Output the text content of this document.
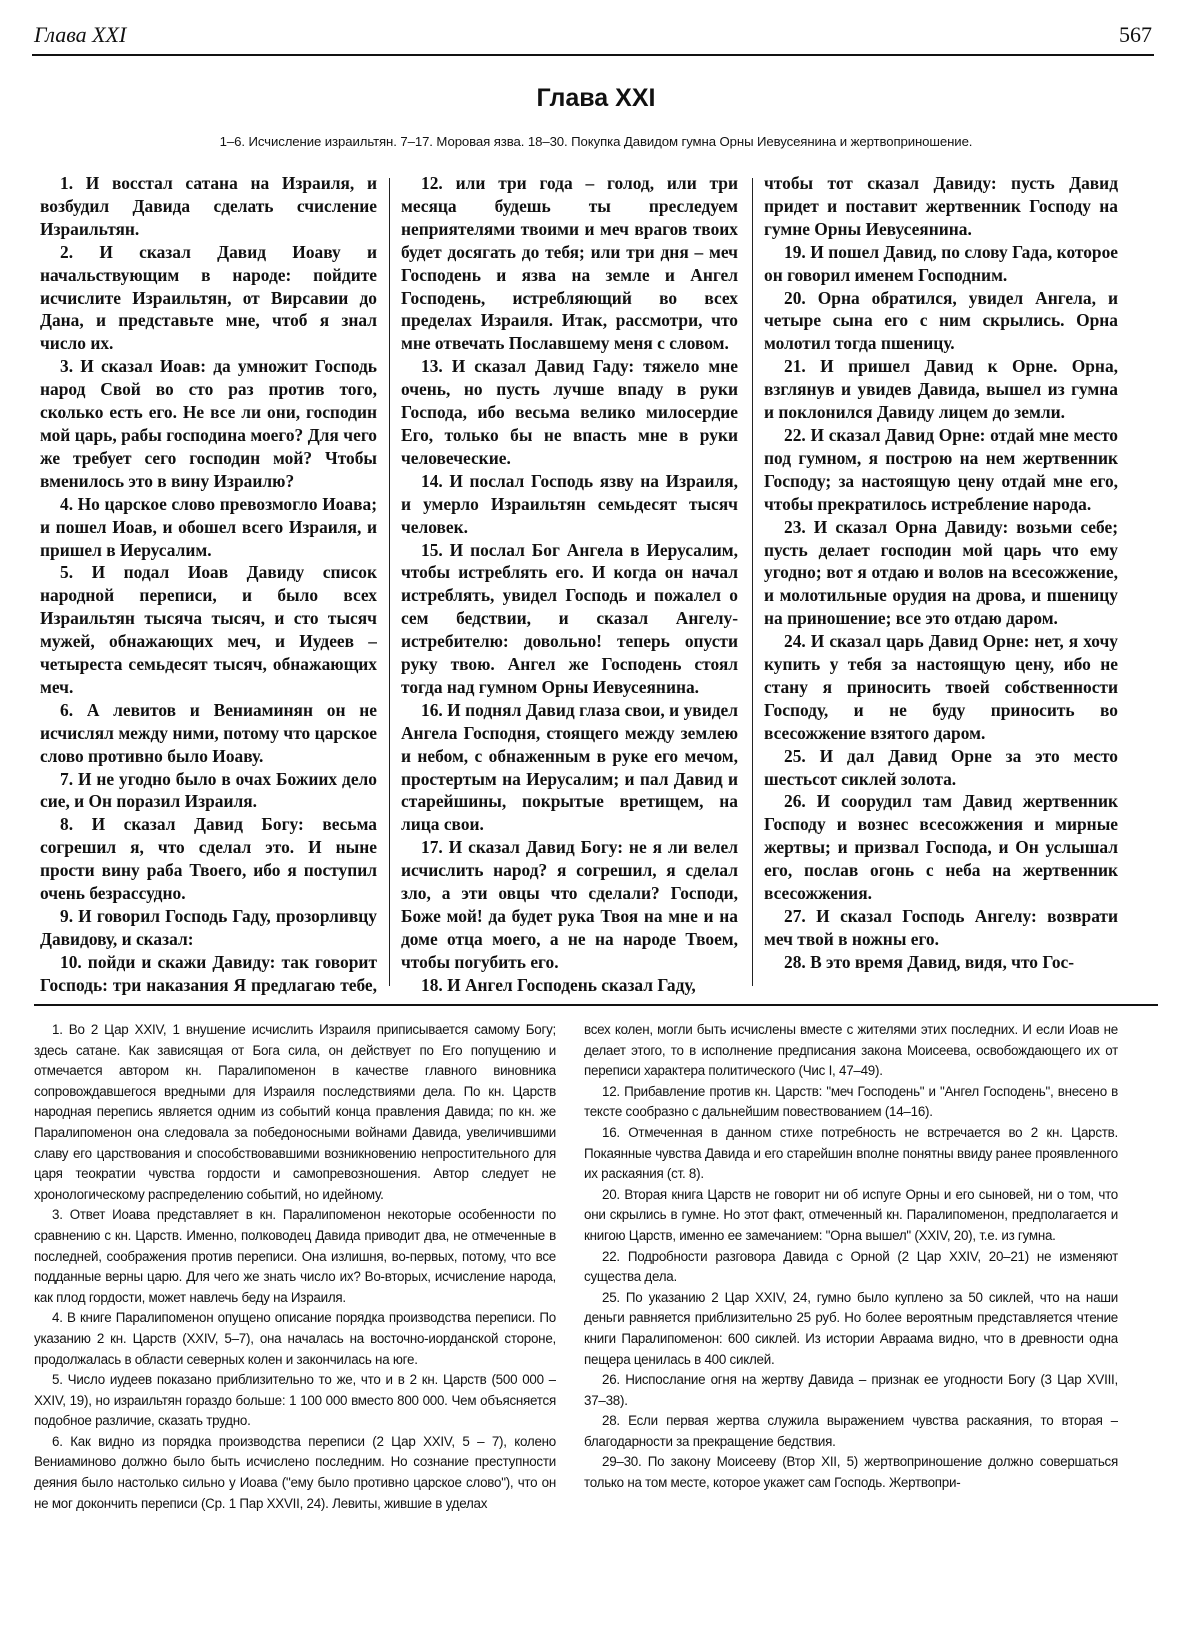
Глава XXI	567
Глава XXI
1–6. Исчисление израильтян. 7–17. Моровая язва. 18–30. Покупка Давидом гумна Орны Иевусеянина и жертвоприношение.

1. И восстал сатана на Израиля, и возбудил Давида сделать счисление Израильтян.

2. И сказал Давид Иоаву и начальствующим в народе: пойдите исчислите Израильтян, от Вирсавии до Дана, и представьте мне, чтоб я знал число их.

3. И сказал Иоав: да умножит Господь народ Свой во сто раз против того, сколько есть его. Не все ли они, господин мой царь, рабы господина моего? Для чего же требует сего господин мой? Чтобы вменилось это в вину Израилю?

4. Но царское слово превозмогло Иоава; и пошел Иоав, и обошел всего Израиля, и пришел в Иерусалим.

5. И подал Иоав Давиду список народной переписи, и было всех Израильтян тысяча тысяч, и сто тысяч мужей, обнажающих меч, и Иудеев – четыреста семьдесят тысяч, обнажающих меч.

6. А левитов и Вениаминян он не исчислял между ними, потому что царское слово противно было Иоаву.

7. И не угодно было в очах Божиих дело сие, и Он поразил Израиля.

8. И сказал Давид Богу: весьма согрешил я, что сделал это. И ныне прости вину раба Твоего, ибо я поступил очень безрассудно.

9. И говорил Господь Гаду, прозорливцу Давидову, и сказал:

10. пойди и скажи Давиду: так говорит Господь: три наказания Я предлагаю тебе,

12. или три года – голод, или три месяца будешь ты преследуем неприятелями твоими и меч врагов твоих будет досягать до тебя; или три дня – меч Господень и язва на земле и Ангел Господень, истребляющий во всех пределах Израиля. Итак, рассмотри, что мне отвечать Пославшему меня с словом.

13. И сказал Давид Гаду: тяжело мне очень, но пусть лучше впаду в руки Господа, ибо весьма велико милосердие Его, только бы не впасть мне в руки человеческие.

14. И послал Господь язву на Израиля, и умерло Израильтян семьдесят тысяч человек.

15. И послал Бог Ангела в Иерусалим, чтобы истреблять его. И когда он начал истреблять, увидел Господь и пожалел о сем бедствии, и сказал Ангелу-истребителю: довольно! теперь опусти руку твою. Ангел же Господень стоял тогда над гумном Орны Иевусеянина.

16. И поднял Давид глаза свои, и увидел Ангела Господня, стоящего между землею и небом, с обнаженным в руке его мечом, простертым на Иерусалим; и пал Давид и старейшины, покрытые вретищем, на лица свои.

17. И сказал Давид Богу: не я ли велел исчислить народ? я согрешил, я сделал зло, а эти овцы что сделали? Господи, Боже мой! да будет рука Твоя на мне и на доме отца моего, а не на народе Твоем, чтобы погубить его.

18. И Ангел Господень сказал Гаду,

чтобы тот сказал Давиду: пусть Давид придет и поставит жертвенник Господу на гумне Орны Иевусеянина.

19. И пошел Давид, по слову Гада, которое он говорил именем Господним.

20. Орна обратился, увидел Ангела, и четыре сына его с ним скрылись. Орна молотил тогда пшеницу.

21. И пришел Давид к Орне. Орна, взглянув и увидев Давида, вышел из гумна и поклонился Давиду лицем до земли.

22. И сказал Давид Орне: отдай мне место под гумном, я построю на нем жертвенник Господу; за настоящую цену отдай мне его, чтобы прекратилось истребление народа.

23. И сказал Орна Давиду: возьми себе; пусть делает господин мой царь что ему угодно; вот я отдаю и волов на всесожжение, и молотильные орудия на дрова, и пшеницу на приношение; все это отдаю даром.

24. И сказал царь Давид Орне: нет, я хочу купить у тебя за настоящую цену, ибо не стану я приносить твоей собственности Господу, и не буду приносить во всесожжение взятого даром.

25. И дал Давид Орне за это место шестьсот сиклей золота.

26. И соорудил там Давид жертвенник Господу и вознес всесожжения и мирные жертвы; и призвал Господа, и Он услышал его, послав огонь с неба на жертвенник всесожжения.

27. И сказал Господь Ангелу: возврати меч твой в ножны его.

28. В это время Давид, видя, что Гос-

1. Во 2 Цар XXIV, 1 внушение исчислить Израиля приписывается самому Богу; здесь сатане. Как зависящая от Бога сила, он действует по Его попущению и отмечается автором кн. Паралипоменон в качестве главного виновника сопровождавшегося вредными для Израиля последствиями дела. По кн. Царств народная перепись является одним из событий конца правления Давида; по кн. же Паралипоменон она следовала за победоносными войнами Давида, увеличившими славу его царствования и способствовавшими возникновению непростительного для царя теократии чувства гордости и самопревознoшения. Автор следует не хронологическому распределению событий, но идейному.

3. Ответ Иоава представляет в кн. Паралипоменон некоторые особенности по сравнению с кн. Царств. Именно, полководец Давида приводит два, не отмеченные в последней, соображения против переписи. Она излишня, во-первых, потому, что все подданные верны царю. Для чего же знать число их? Во-вторых, исчисление народа, как плод гордости, может навлечь беду на Израиля.

4. В книге Паралипоменон опущено описание порядка производства переписи. По указанию 2 кн. Царств (XXIV, 5–7), она началась на восточно-иорданской стороне, продолжалась в области северных колен и закончилась на юге.

5. Число иудеев показано приблизительно то же, что и в 2 кн. Царств (500 000 – XXIV, 19), но израильтян гораздо больше: 1 100 000 вместо 800 000. Чем объясняется подобное различие, сказать трудно.

6. Как видно из порядка производства переписи (2 Цар XXIV, 5 – 7), колено Вениаминово должно было быть исчислено последним. Но сознание преступности деяния было настолько сильно у Иоава ("ему было противно царское слово"), что он не мог докончить переписи (Ср. 1 Пар XXVII, 24). Левиты, жившие в уделах

всех колен, могли быть исчислены вместе с жителями этих последних. И если Иоав не делает этого, то в исполнение предписания закона Моисеева, освобождающего их от переписи характера политического (Чис I, 47–49).

12. Прибавление против кн. Царств: "меч Господень" и "Ангел Господень", внесено в тексте сообразно с дальнейшим повествованием (14–16).

16. Отмеченная в данном стихе потребность не встречается во 2 кн. Царств. Покаянные чувства Давида и его старейшин вполне понятны ввиду ранее проявленного их раскаяния (ст. 8).

20. Вторая книга Царств не говорит ни об испуге Орны и его сыновей, ни о том, что они скрылись в гумне. Но этот факт, отмеченный кн. Паралипоменон, предполагается и книгою Царств, именно ее замечанием: "Орна вышел" (XXIV, 20), т.е. из гумна.

22. Подробности разговора Давида с Орной (2 Цар XXIV, 20–21) не изменяют существа дела.

25. По указанию 2 Цар XXIV, 24, гумно было куплено за 50 сиклей, что на наши деньги равняется приблизительно 25 руб. Но более вероятным представляется чтение книги Паралипоменон: 600 сиклей. Из истории Авраама видно, что в древности одна пещера ценилась в 400 сиклей.

26. Ниспослание огня на жертву Давида – признак ее угодности Богу (3 Цар XVIII, 37–38).

28. Если первая жертва служила выражением чувства раскаяния, то вторая – благодарности за прекращение бедствия.

29–30. По закону Моисееву (Втор XII, 5) жертвоприношение должно совершаться только на том месте, которое укажет сам Господь. Жертвопри-
